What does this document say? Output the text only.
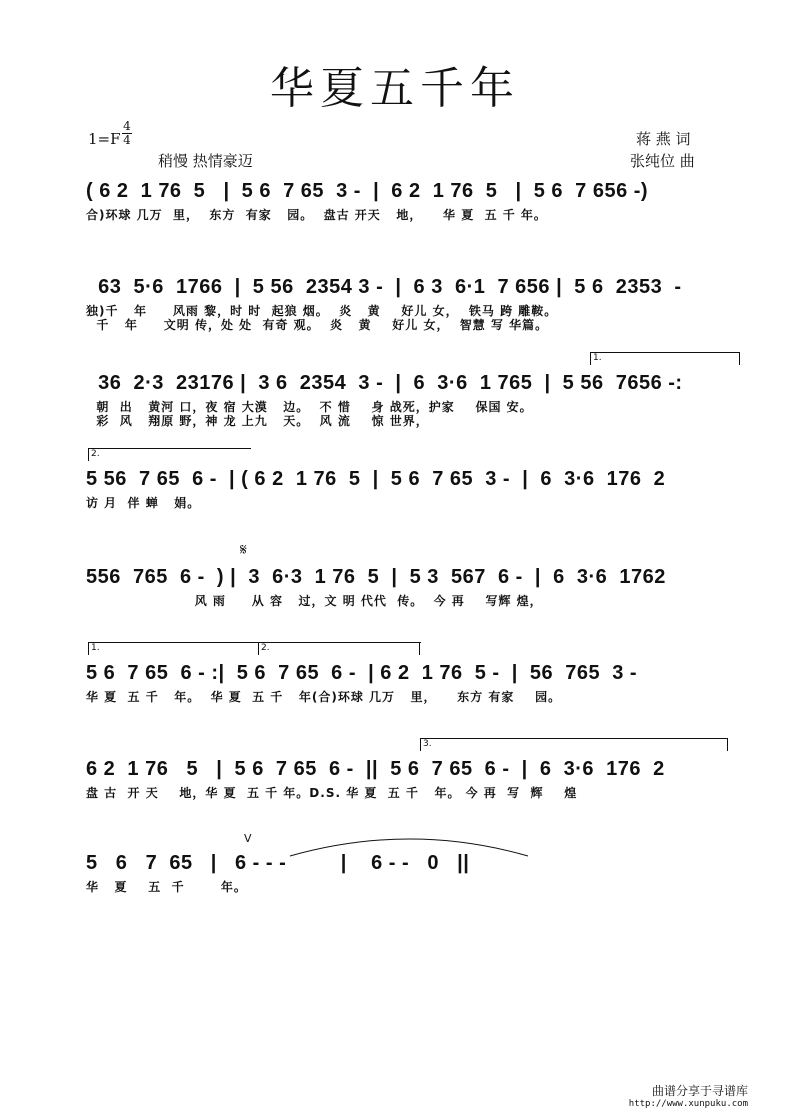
华夏五千年
1=F
4
4
稍慢 热情豪迈
蒋 燕 词
张纯位 曲
( 6 2  1 76  5   |  5 6  7 65  3 -  |  6 2  1 76  5   |  5 6  7 656 -)
合)环球 几万  里，  东方  有家   园。  盘古 开天   地，    华 夏  五 千 年。
63  5·6  1766  |  5 56  2354 3 -  |  6 3  6·1  7 656 |  5 6  2353  -
独)千   年     风雨 黎，时 时  起狼 烟。  炎   黄    好儿 女，  铁马 跨 雕鞍。
千   年     文明 传，处 处  有奇 观。  炎   黄    好儿 女，  智慧 写 华篇。
1.
36  2·3  23176 |  3 6  2354  3 -  |  6  3·6  1 765  |  5 56  7656 -:
朝  出   黄河 口，夜 宿 大漠   边。  不 惜    身 战死，护家    保国 安。
彩  风   翔原 野，神 龙 上九   天。  风 流    惊 世界，
2.
5 56  7 65  6 -  | ( 6 2  1 76  5  |  5 6  7 65  3 -  |  6  3·6  176  2
访 月  伴 蝉   娟。
𝄋
556  765  6 -  ) |  3  6·3  1 76  5  |  5 3  567  6 -  |  6  3·6  1762
风 雨     从 容   过，文 明 代代  传。  今 再    写辉 煌，
1.	2.
5 6  7 65  6 - :|  5 6  7 65  6 -  | 6 2  1 76  5 -  |  56  765  3 -
华 夏  五 千   年。  华 夏  五 千   年(合)环球 几万   里，    东方 有家    园。
3.
6 2  1 76   5   |  5 6  7 65  6 -  ||  5 6  7 65  6 -  |  6  3·6  176  2
盘 古  开 天    地，华 夏  五 千 年。D.S. 华 夏  五 千   年。 今 再  写  辉    煌
V
5   6   7  65   |   6 - - -         |    6 - -   0   ||
华   夏    五  千       年。
曲谱分享于寻谱库
http://www.xunpuku.com
